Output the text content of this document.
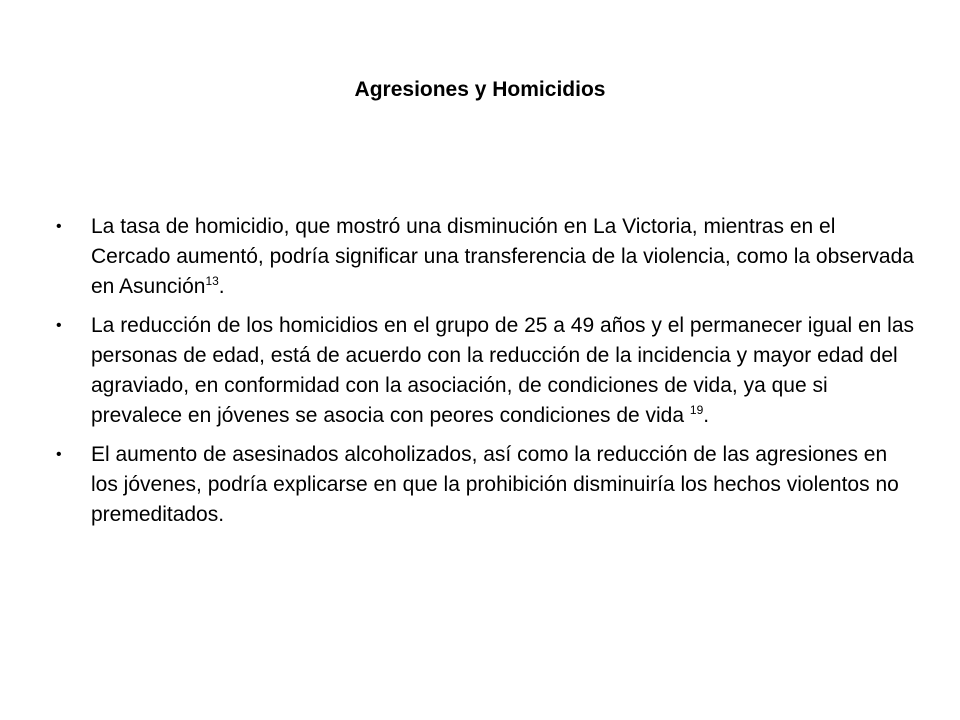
Agresiones y Homicidios
• La tasa de homicidio, que mostró una disminución en La Victoria, mientras en el Cercado aumentó, podría significar una transferencia de la violencia, como la observada en Asunción$^{13}$.
• La reducción de los homicidios en el grupo de 25 a 49 años y el permanecer igual en las personas de edad, está de acuerdo con la reducción de la incidencia y mayor edad del agraviado, en conformidad con la asociación, de condiciones de vida, ya que si prevalece en jóvenes se asocia con peores condiciones de vida $^{19}$.
• El aumento de asesinados alcoholizados, así como la reducción de las agresiones en los jóvenes, podría explicarse en que la prohibición disminuiría los hechos violentos no premeditados.
